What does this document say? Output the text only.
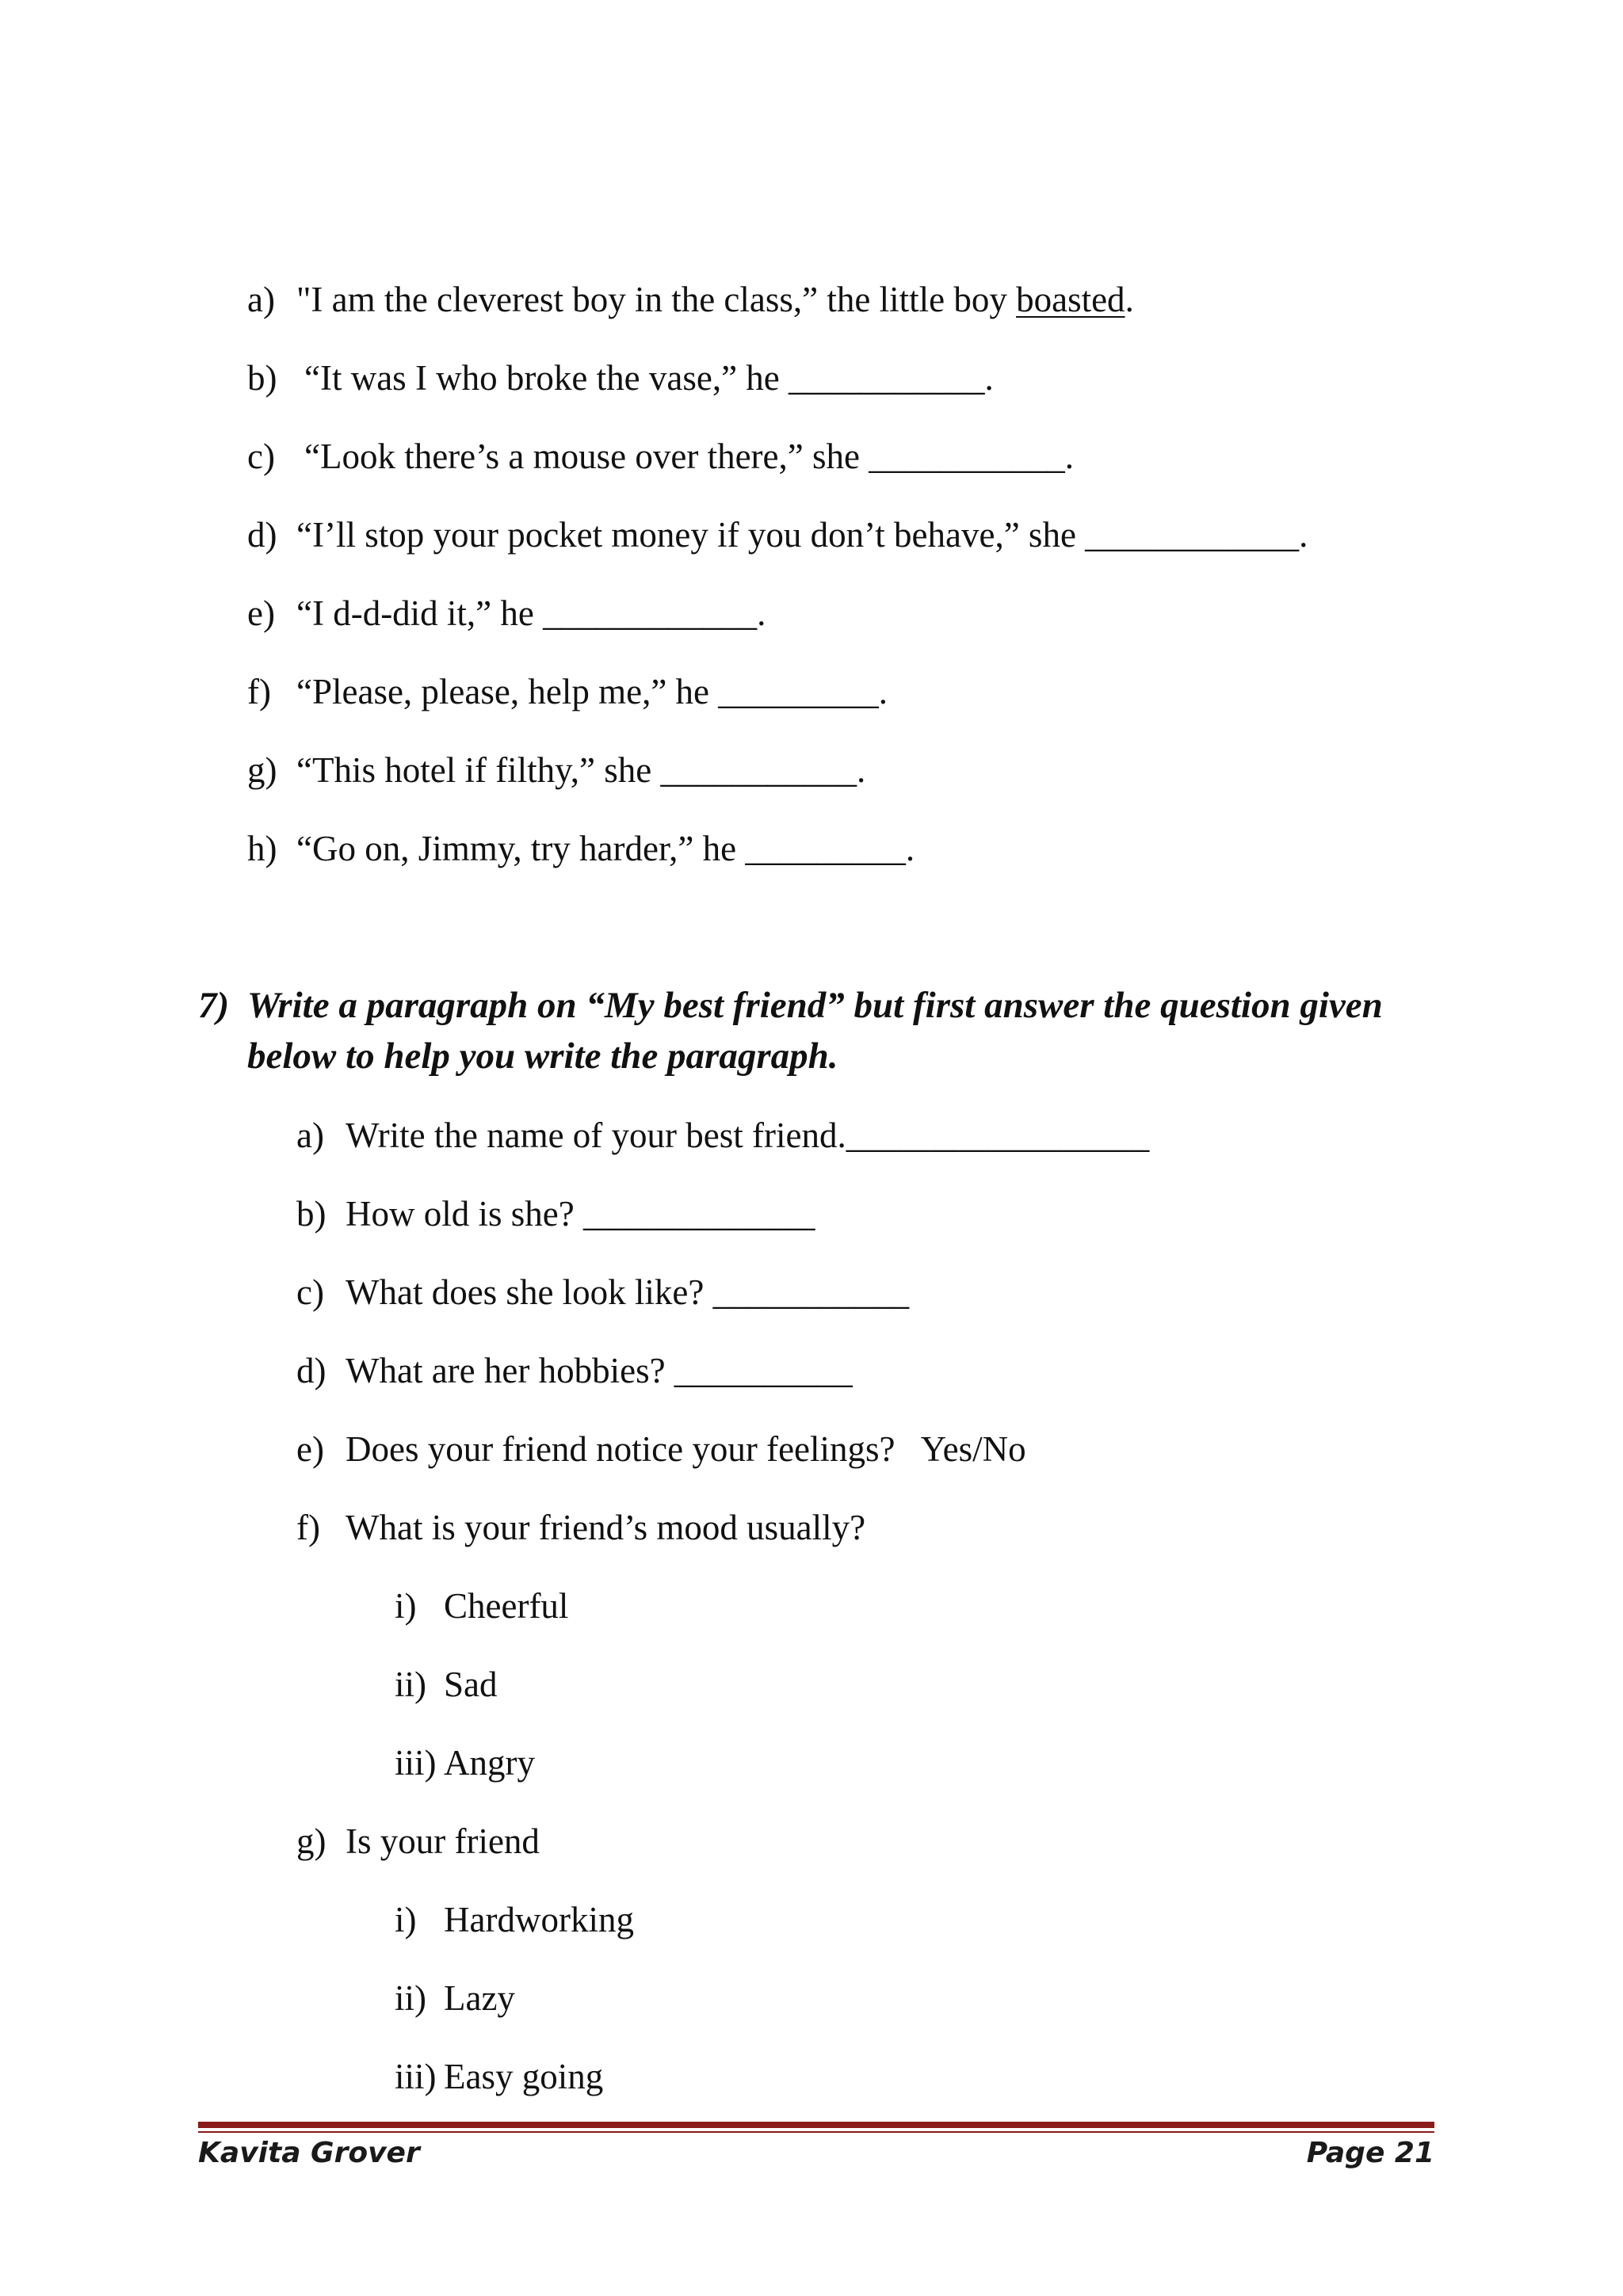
a) "I am the cleverest boy in the class,” the little boy boasted.

b) “It was I who broke the vase,” he ___________.

c) “Look there’s a mouse over there,” she ___________.

d) “I’ll stop your pocket money if you don’t behave,” she ____________.

e) “I d-d-did it,” he ____________.

f) “Please, please, help me,” he _________.

g) “This hotel if filthy,” she ___________.

h) “Go on, Jimmy, try harder,” he _________.

7) Write a paragraph on “My best friend” but first answer the question given

below to help you write the paragraph.

a) Write the name of your best friend._________________

b) How old is she? _____________

c) What does she look like? ___________

d) What are her hobbies? __________

e) Does your friend notice your feelings?   Yes/No

f) What is your friend’s mood usually?

i) Cheerful

ii) Sad

iii) Angry

g) Is your friend

i) Hardworking

ii) Lazy

iii) Easy going

Kavita Grover	Page 21
